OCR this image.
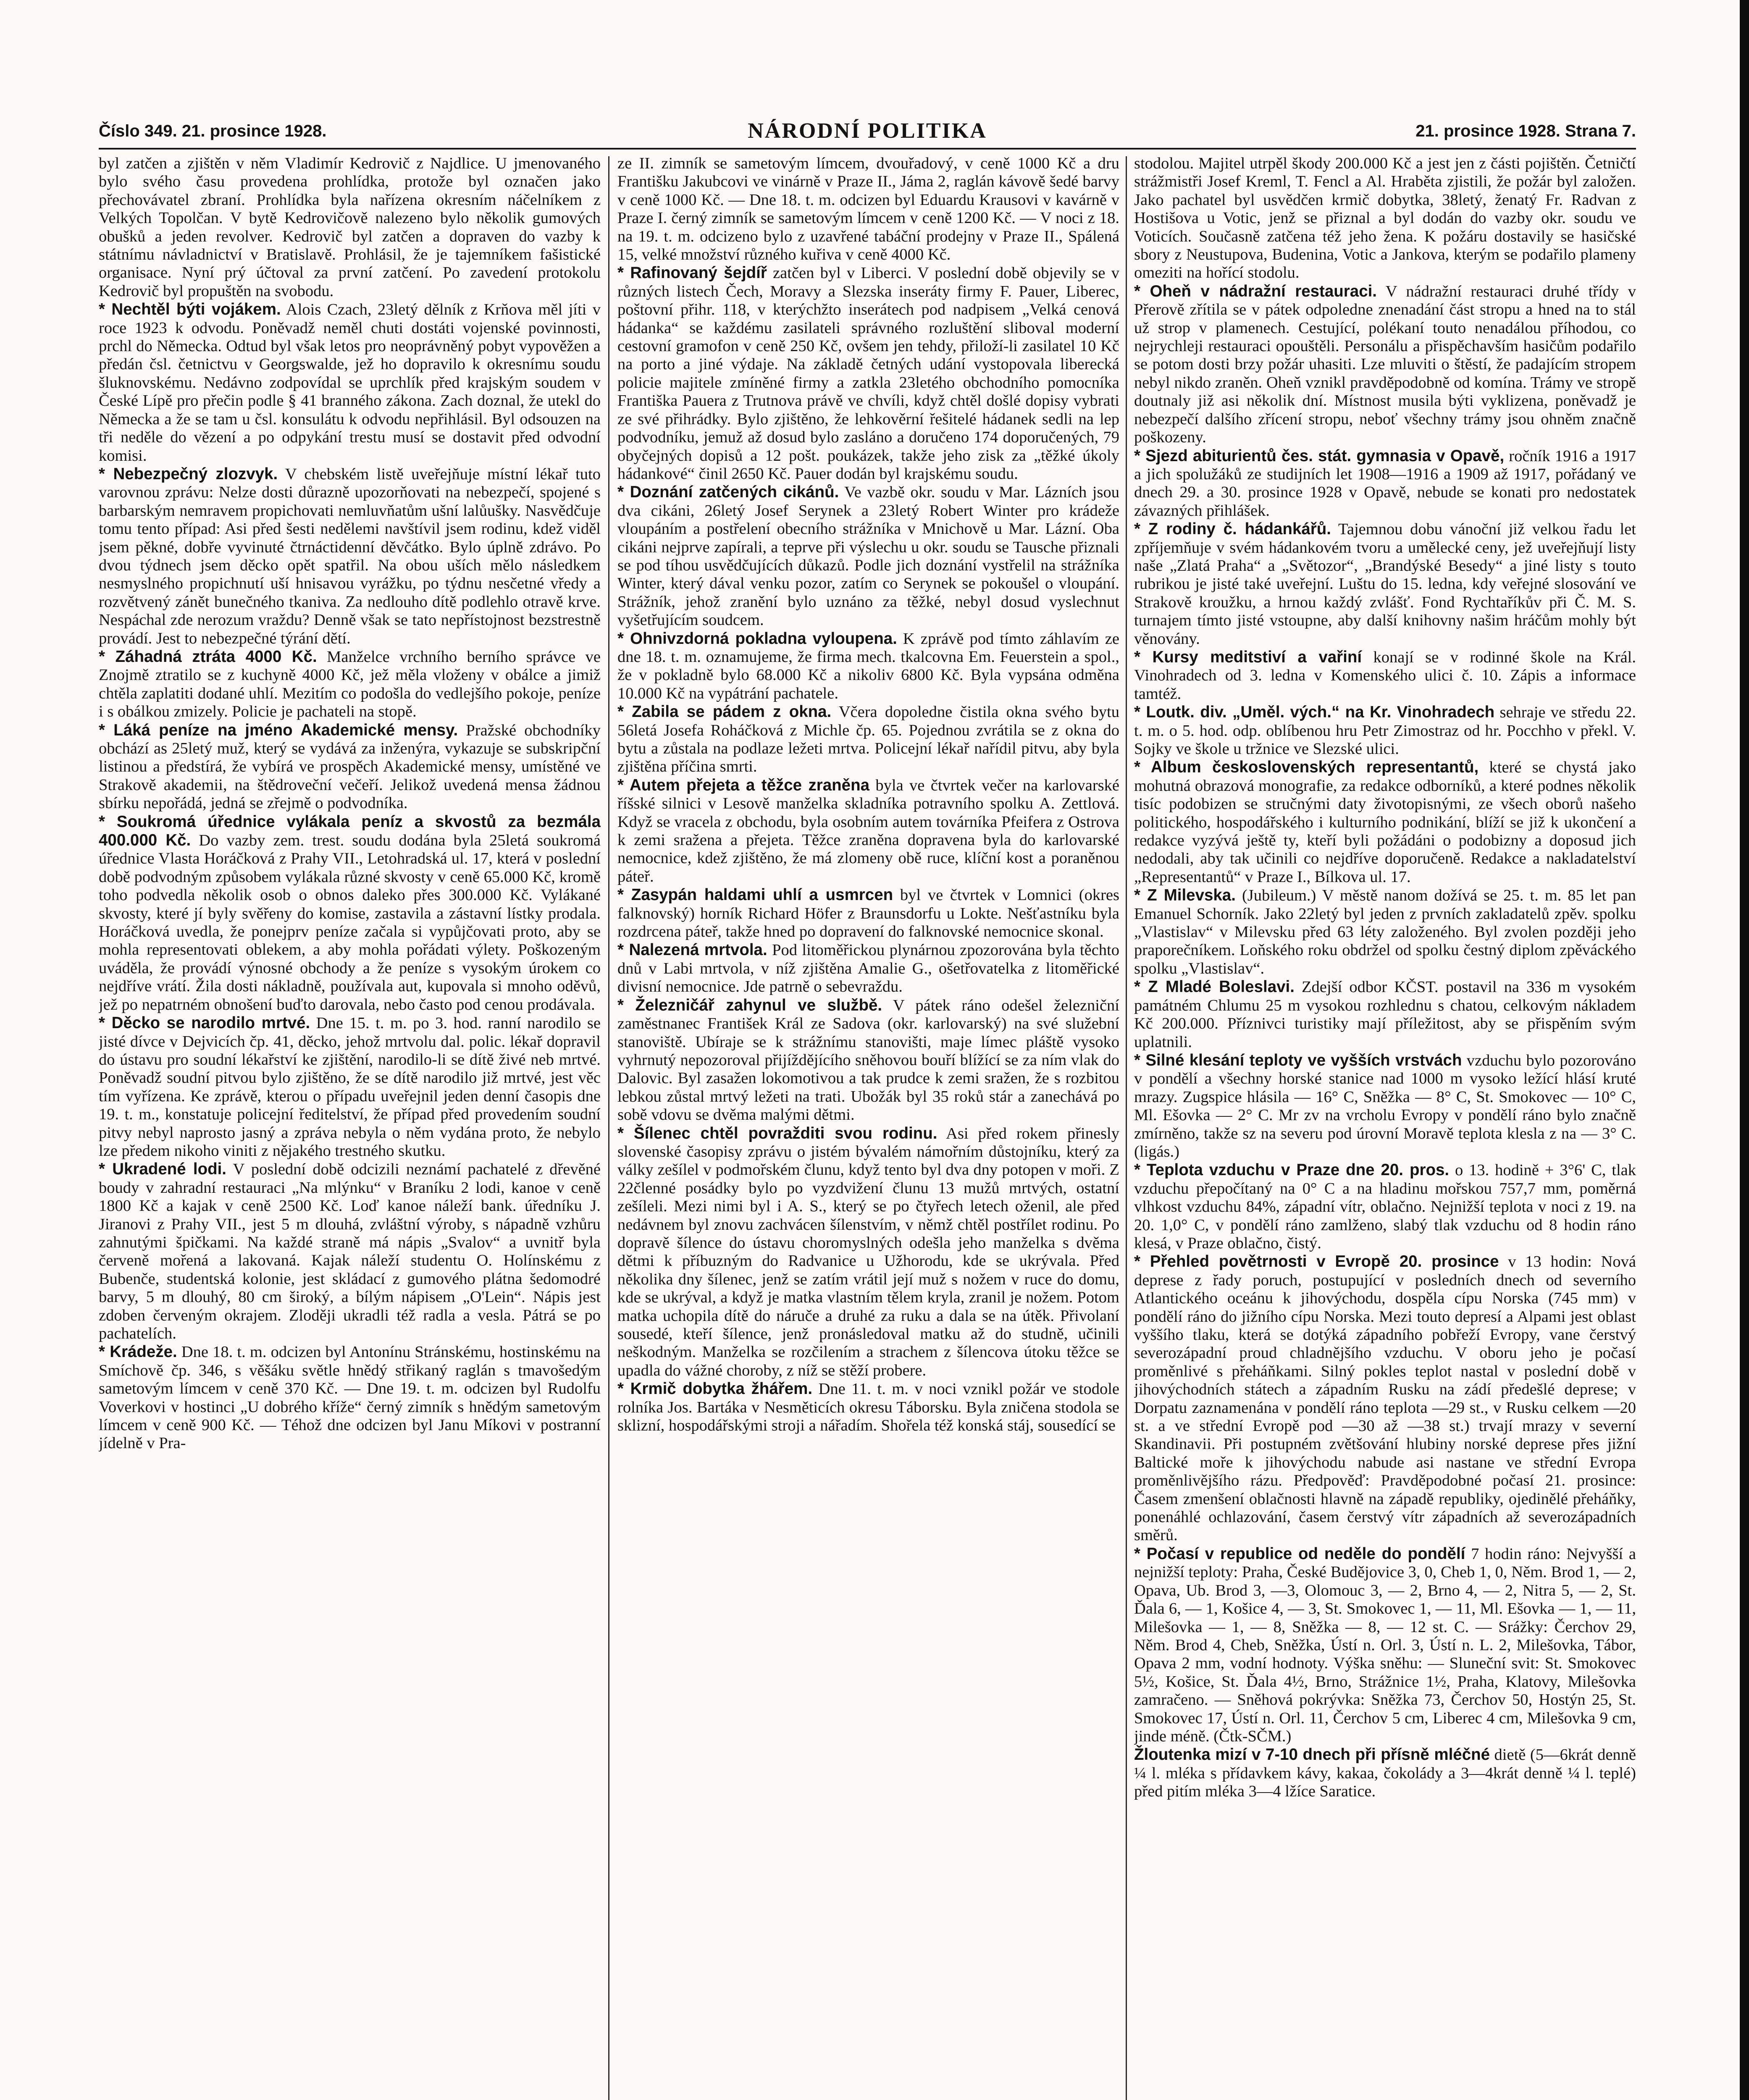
Číslo 349. 21. prosince 1928.	NÁRODNÍ POLITIKA	21. prosince 1928. Strana 7.

byl zatčen a zjištěn v něm Vladimír Kedrovič z Najdlice. U jmenovaného bylo svého času provedena prohlídka, protože byl označen jako přechovávatel zbraní. Prohlídka byla nařízena okresním náčelníkem z Velkých Topolčan. V bytě Kedrovičově nalezeno bylo několik gumových obušků a jeden revolver. Kedrovič byl zatčen a dopraven do vazby k státnímu návladnictví v Bratislavě. Prohlásil, že je tajemníkem fašistické organisace. Nyní prý účtoval za první zatčení. Po zavedení protokolu Kedrovič byl propuštěn na svobodu.

* Nechtěl býti vojákem. Alois Czach, 23letý dělník z Krňova měl jíti v roce 1923 k odvodu. Poněvadž neměl chuti dostáti vojenské povinnosti, prchl do Německa. Odtud byl však letos pro neoprávněný pobyt vypověžen a předán čsl. četnictvu v Georgswalde, jež ho dopravilo k okresnímu soudu šluknovskému. Nedávno zodpovídal se uprchlík před krajským soudem v České Lípě pro přečin podle § 41 branného zákona. Zach doznal, že utekl do Německa a že se tam u čsl. konsulátu k odvodu nepřihlásil. Byl odsouzen na tři neděle do vězení a po odpykání trestu musí se dostavit před odvodní komisi.

* Nebezpečný zlozvyk. V chebském listě uveřejňuje místní lékař tuto varovnou zprávu: Nelze dosti důrazně upozorňovati na nebezpečí, spojené s barbarským nemravem propichovati nemluvňatům ušní lalůušky. Nasvědčuje tomu tento případ: Asi před šesti nedělemi navštívil jsem rodinu, kdež viděl jsem pěkné, dobře vyvinuté čtrnáctidenní děvčátko. Bylo úplně zdrávo. Po dvou týdnech jsem děcko opět spatřil. Na obou uších mělo následkem nesmyslného propichnutí uší hnisavou vyrážku, po týdnu nesčetné vředy a rozvětvený zánět bunečného tkaniva. Za nedlouho dítě podlehlo otravě krve. Nespáchal zde nerozum vraždu? Denně však se tato nepřístojnost bezstrestně provádí. Jest to nebezpečné týrání dětí.

* Záhadná ztráta 4000 Kč. Manželce vrchního berního správce ve Znojmě ztratilo se z kuchyně 4000 Kč, jež měla vloženy v obálce a jimiž chtěla zaplatiti dodané uhlí. Mezitím co podošla do vedlejšího pokoje, peníze i s obálkou zmizely. Policie je pachateli na stopě.

* Láká peníze na jméno Akademické mensy. Pražské obchodníky obchází as 25letý muž, který se vydává za inženýra, vykazuje se subskripční listinou a předstírá, že vybírá ve prospěch Akademické mensy, umístěné ve Strakově akademii, na štědroveční večeří. Jelikož uvedená mensa žádnou sbírku nepořádá, jedná se zřejmě o podvodníka.

* Soukromá úřednice vylákala peníz a skvostů za bezmála 400.000 Kč. Do vazby zem. trest. soudu dodána byla 25letá soukromá úřednice Vlasta Horáčková z Prahy VII., Letohradská ul. 17, která v poslední době podvodným způsobem vylákala různé skvosty v ceně 65.000 Kč, kromě toho podvedla několik osob o obnos daleko přes 300.000 Kč. Vylákané skvosty, které jí byly svěřeny do komise, zastavila a zástavní lístky prodala. Horáčková uvedla, že ponejprv peníze začala si vypůjčovati proto, aby se mohla representovati oblekem, a aby mohla pořádati výlety. Poškozeným uváděla, že provádí výnosné obchody a že peníze s vysokým úrokem co nejdříve vrátí. Žila dosti nákladně, používala aut, kupovala si mnoho oděvů, jež po nepatrném obnošení buďto darovala, nebo často pod cenou prodávala.

* Děcko se narodilo mrtvé. Dne 15. t. m. po 3. hod. ranní narodilo se jisté dívce v Dejvicích čp. 41, děcko, jehož mrtvolu dal. polic. lékař dopravil do ústavu pro soudní lékařství ke zjištění, narodilo-li se dítě živé neb mrtvé. Poněvadž soudní pitvou bylo zjištěno, že se dítě narodilo již mrtvé, jest věc tím vyřízena. Ke zprávě, kterou o případu uveřejnil jeden denní časopis dne 19. t. m., konstatuje policejní ředitelství, že případ před provedením soudní pitvy nebyl naprosto jasný a zpráva nebyla o něm vydána proto, že nebylo lze předem nikoho viniti z nějakého trestného skutku.

* Ukradené lodi. V poslední době odcizili neznámí pachatelé z dřevěné boudy v zahradní restauraci „Na mlýnku“ v Braníku 2 lodi, kanoe v ceně 1800 Kč a kajak v ceně 2500 Kč. Loď kanoe náleží bank. úředníku J. Jiranovi z Prahy VII., jest 5 m dlouhá, zvláštní výroby, s nápadně vzhůru zahnutými špičkami. Na každé straně má nápis „Svalov“ a uvnitř byla červeně mořená a lakovaná. Kajak náleží studentu O. Holínskému z Bubenče, studentská kolonie, jest skládací z gumového plátna šedomodré barvy, 5 m dlouhý, 80 cm široký, a bílým nápisem „O'Lein“. Nápis jest zdoben červeným okrajem. Zloději ukradli též radla a vesla. Pátrá se po pachatelích.

* Krádeže. Dne 18. t. m. odcizen byl Antonínu Stránskému, hostinskému na Smíchově čp. 346, s věšáku světle hnědý střikaný raglán s tmavošedým sametovým límcem v ceně 370 Kč. — Dne 19. t. m. odcizen byl Rudolfu Voverkovi v hostinci „U dobrého kříže“ černý zimník s hnědým sametovým límcem v ceně 900 Kč. — Téhož dne odcizen byl Janu Míkovi v postranní jídelně v Pra-

ze II. zimník se sametovým límcem, dvouřadový, v ceně 1000 Kč a dru Františku Jakubcovi ve vinárně v Praze II., Jáma 2, raglán kávově šedé barvy v ceně 1000 Kč. — Dne 18. t. m. odcizen byl Eduardu Krausovi v kavárně v Praze I. černý zimník se sametovým límcem v ceně 1200 Kč. — V noci z 18. na 19. t. m. odcizeno bylo z uzavřené tabáční prodejny v Praze II., Spálená 15, velké množství různého kuřiva v ceně 4000 Kč.

* Rafinovaný šejdíř zatčen byl v Liberci. V poslední době objevily se v různých listech Čech, Moravy a Slezska inseráty firmy F. Pauer, Liberec, poštovní přihr. 118, v kterýchžto inserátech pod nadpisem „Velká cenová hádanka“ se každému zasilateli správného rozluštění sliboval moderní cestovní gramofon v ceně 250 Kč, ovšem jen tehdy, přiloží-li zasilatel 10 Kč na porto a jiné výdaje. Na základě četných udání vystopovala liberecká policie majitele zmíněné firmy a zatkla 23letého obchodního pomocníka Františka Pauera z Trutnova právě ve chvíli, když chtěl došlé dopisy vybrati ze své přihrádky. Bylo zjištěno, že lehkověrní řešitelé hádanek sedli na lep podvodníku, jemuž až dosud bylo zasláno a doručeno 174 doporučených, 79 obyčejných dopisů a 12 pošt. poukázek, takže jeho zisk za „těžké úkoly hádankové“ činil 2650 Kč. Pauer dodán byl krajskému soudu.

* Doznání zatčených cikánů. Ve vazbě okr. soudu v Mar. Lázních jsou dva cikáni, 26letý Josef Serynek a 23letý Robert Winter pro krádeže vloupáním a postřelení obecního strážníka v Mnichově u Mar. Lázní. Oba cikáni nejprve zapírali, a teprve při výslechu u okr. soudu se Tausche přiznali se pod tíhou usvědčujících důkazů. Podle jich doznání vystřelil na strážníka Winter, který dával venku pozor, zatím co Serynek se pokoušel o vloupání. Strážník, jehož zranění bylo uznáno za těžké, nebyl dosud vyslechnut vyšetřujícím soudcem.

* Ohnivzdorná pokladna vyloupena. K zprávě pod tímto záhlavím ze dne 18. t. m. oznamujeme, že firma mech. tkalcovna Em. Feuerstein a spol., že v pokladně bylo 68.000 Kč a nikoliv 6800 Kč. Byla vypsána odměna 10.000 Kč na vypátrání pachatele.

* Zabila se pádem z okna. Včera dopoledne čistila okna svého bytu 56letá Josefa Roháčková z Michle čp. 65. Pojednou zvrátila se z okna do bytu a zůstala na podlaze ležeti mrtva. Policejní lékař nařídil pitvu, aby byla zjištěna příčina smrti.

* Autem přejeta a těžce zraněna byla ve čtvrtek večer na karlovarské říšské silnici v Lesově manželka skladníka potravního spolku A. Zettlová. Když se vracela z obchodu, byla osobním autem továrníka Pfeifera z Ostrova k zemi sražena a přejeta. Těžce zraněna dopravena byla do karlovarské nemocnice, kdež zjištěno, že má zlomeny obě ruce, klíční kost a poraněnou páteř.

* Zasypán haldami uhlí a usmrcen byl ve čtvrtek v Lomnici (okres falknovský) horník Richard Höfer z Braunsdorfu u Lokte. Nešťastníku byla rozdrcena páteř, takže hned po dopravení do falknovské nemocnice skonal.

* Nalezená mrtvola. Pod litoměřickou plynárnou zpozorována byla těchto dnů v Labi mrtvola, v níž zjištěna Amalie G., ošetřovatelka z litoměřické divisní nemocnice. Jde patrně o sebevraždu.

* Železničář zahynul ve službě. V pátek ráno odešel železniční zaměstnanec František Král ze Sadova (okr. karlovarský) na své služební stanoviště. Ubíraje se k strážnímu stanovišti, maje límec pláště vysoko vyhrnutý nepozoroval přijíždějícího sněhovou bouří blížící se za ním vlak do Dalovic. Byl zasažen lokomotivou a tak prudce k zemi sražen, že s rozbitou lebkou zůstal mrtvý ležeti na trati. Ubožák byl 35 roků stár a zanechává po sobě vdovu se dvěma malými dětmi.

* Šílenec chtěl povražditi svou rodinu. Asi před rokem přinesly slovenské časopisy zprávu o jistém bývalém námořním důstojníku, který za války zešílel v podmořském člunu, když tento byl dva dny potopen v moři. Z 22členné posádky bylo po vyzdvižení člunu 13 mužů mrtvých, ostatní zešíleli. Mezi nimi byl i A. S., který se po čtyřech letech oženil, ale před nedávnem byl znovu zachvácen šílenstvím, v němž chtěl postřílet rodinu. Po dopravě šílence do ústavu choromyslných odešla jeho manželka s dvěma dětmi k příbuzným do Radvanice u Užhorodu, kde se ukrývala. Před několika dny šílenec, jenž se zatím vrátil její muž s nožem v ruce do domu, kde se ukrýval, a když je matka vlastním tělem kryla, zranil je nožem. Potom matka uchopila dítě do náruče a druhé za ruku a dala se na útěk. Přivolaní sousedé, kteří šílence, jenž pronásledoval matku až do studně, učinili neškodným. Manželka se rozčilením a strachem z šílencova útoku těžce se upadla do vážné choroby, z níž se stěží probere.

* Krmič dobytka žhářem. Dne 11. t. m. v noci vznikl požár ve stodole rolníka Jos. Bartáka v Nesměticích okresu Táborsku. Byla zničena stodola se sklizní, hospodářskými stroji a nářadím. Shořela též konská stáj, sousedící se

stodolou. Majitel utrpěl škody 200.000 Kč a jest jen z části pojištěn. Četničtí strážmistři Josef Kreml, T. Fencl a Al. Hraběta zjistili, že požár byl založen. Jako pachatel byl usvědčen krmič dobytka, 38letý, ženatý Fr. Radvan z Hostišova u Votic, jenž se přiznal a byl dodán do vazby okr. soudu ve Voticích. Současně zatčena též jeho žena. K požáru dostavily se hasičské sbory z Neustupova, Budenina, Votic a Jankova, kterým se podařilo plameny omeziti na hořící stodolu.

* Oheň v nádražní restauraci. V nádražní restauraci druhé třídy v Přerově zřítila se v pátek odpoledne znenadání část stropu a hned na to stál už strop v plamenech. Cestující, polékaní touto nenadálou příhodou, co nejrychleji restauraci opouštěli. Personálu a přispěchavším hasičům podařilo se potom dosti brzy požár uhasiti. Lze mluviti o štěstí, že padajícím stropem nebyl nikdo zraněn. Oheň vznikl pravděpodobně od komína. Trámy ve stropě doutnaly již asi několik dní. Místnost musila býti vyklizena, poněvadž je nebezpečí dalšího zřícení stropu, neboť všechny trámy jsou ohněm značně poškozeny.

* Sjezd abiturientů čes. stát. gymnasia v Opavě, ročník 1916 a 1917 a jich spolužáků ze studijních let 1908—1916 a 1909 až 1917, pořádaný ve dnech 29. a 30. prosince 1928 v Opavě, nebude se konati pro nedostatek závazných přihlášek.

* Z rodiny č. hádankářů. Tajemnou dobu vánoční již velkou řadu let zpříjemňuje v svém hádankovém tvoru a umělecké ceny, jež uveřejňují listy naše „Zlatá Praha“ a „Světozor“, „Brandýské Besedy“ a jiné listy s touto rubrikou je jisté také uveřejní. Luštu do 15. ledna, kdy veřejné slosování ve Strakově kroužku, a hrnou každý zvlášť. Fond Rychtaříkův při Č. M. S. turnajem tímto jisté vstoupne, aby další knihovny našim hráčům mohly být věnovány.

* Kursy meditstiví a vařiní konají se v rodinné škole na Král. Vinohradech od 3. ledna v Komenského ulici č. 10. Zápis a informace tamtéž.

* Loutk. div. „Uměl. vých.“ na Kr. Vinohradech sehraje ve středu 22. t. m. o 5. hod. odp. oblíbenou hru Petr Zimostraz od hr. Pocchho v překl. V. Sojky ve škole u tržnice ve Slezské ulici.

* Album československých representantů, které se chystá jako mohutná obrazová monografie, za redakce odborníků, a které podnes několik tisíc podobizen se stručnými daty životopisnými, ze všech oborů našeho politického, hospodářského i kulturního podnikání, blíží se již k ukončení a redakce vyzývá ještě ty, kteří byli požádáni o podobizny a doposud jich nedodali, aby tak učinili co nejdříve doporučeně. Redakce a nakladatelství „Representantů“ v Praze I., Bílkova ul. 17.

* Z Milevska. (Jubileum.) V městě nanom dožívá se 25. t. m. 85 let pan Emanuel Schorník. Jako 22letý byl jeden z prvních zakladatelů zpěv. spolku „Vlastislav“ v Milevsku před 63 léty založeného. Byl zvolen později jeho praporečníkem. Loňského roku obdržel od spolku čestný diplom zpěváckého spolku „Vlastislav“.

* Z Mladé Boleslavi. Zdejší odbor KČST. postavil na 336 m vysokém památném Chlumu 25 m vysokou rozhlednu s chatou, celkovým nákladem Kč 200.000. Příznivci turistiky mají příležitost, aby se přispěním svým uplatnili.

* Silné klesání teploty ve vyšších vrstvách vzduchu bylo pozorováno v pondělí a všechny horské stanice nad 1000 m vysoko ležící hlásí kruté mrazy. Zugspice hlásila — 16° C, Sněžka — 8° C, St. Smokovec — 10° C, Ml. Ešovka — 2° C. Mr zv na vrcholu Evropy v pondělí ráno bylo značně zmírněno, takže sz na severu pod úrovní Moravě teplota klesla z na — 3° C. (ligás.)

* Teplota vzduchu v Praze dne 20. pros. o 13. hodině + 3°6' C, tlak vzduchu přepočítaný na 0° C a na hladinu mořskou 757,7 mm, poměrná vlhkost vzduchu 84%, západní vítr, oblačno. Nejnižší teplota v noci z 19. na 20. 1,0° C, v pondělí ráno zamlženo, slabý tlak vzduchu od 8 hodin ráno klesá, v Praze oblačno, čistý.

* Přehled povětrnosti v Evropě 20. prosince v 13 hodin: Nová deprese z řady poruch, postupující v posledních dnech od severního Atlantického oceánu k jihovýchodu, dospěla cípu Norska (745 mm) v pondělí ráno do jižního cípu Norska. Mezi touto depresí a Alpami jest oblast vyššího tlaku, která se dotýká západního pobřeží Evropy, vane čerstvý severozápadní proud chladnějšího vzduchu. V oboru jeho je počasí proměnlivé s přeháňkami. Silný pokles teplot nastal v poslední době v jihovýchodních státech a západním Rusku na zádí předešlé deprese; v Dorpatu zaznamenána v pondělí ráno teplota —29 st., v Rusku celkem —20 st. a ve střední Evropě pod —30 až —38 st.) trvají mrazy v severní Skandinavii. Při postupném zvětšování hlubiny norské deprese přes jižní Baltické moře k jihovýchodu nabude asi nastane ve střední Evropa proměnlivějšího rázu. Předpověď: Pravděpodobné počasí 21. prosince: Časem zmenšení oblačnosti hlavně na západě republiky, ojedinělé přeháňky, ponenáhlé ochlazování, časem čerstvý vítr západních až severozápadních směrů.

* Počasí v republice od neděle do pondělí 7 hodin ráno: Nejvyšší a nejnižší teploty: Praha, České Budějovice 3, 0, Cheb 1, 0, Něm. Brod 1, — 2, Opava, Ub. Brod 3, —3, Olomouc 3, — 2, Brno 4, — 2, Nitra 5, — 2, St. Ďala 6, — 1, Košice 4, — 3, St. Smokovec 1, — 11, Ml. Ešovka — 1, — 11, Milešovka — 1, — 8, Sněžka — 8, — 12 st. C. — Srážky: Čerchov 29, Něm. Brod 4, Cheb, Sněžka, Ústí n. Orl. 3, Ústí n. L. 2, Milešovka, Tábor, Opava 2 mm, vodní hodnoty. Výška sněhu: — Sluneční svit: St. Smokovec 5½, Košice, St. Ďala 4½, Brno, Strážnice 1½, Praha, Klatovy, Milešovka zamračeno. — Sněhová pokrývka: Sněžka 73, Čerchov 50, Hostýn 25, St. Smokovec 17, Ústí n. Orl. 11, Čerchov 5 cm, Liberec 4 cm, Milešovka 9 cm, jinde méně. (Čtk-SČM.)

Žloutenka mizí v 7-10 dnech při přísně mléčné dietě (5—6krát denně ¼ l. mléka s přídavkem kávy, kakaa, čokolády a 3—4krát denně ¼ l. teplé) před pitím mléka 3—4 lžíce Saratice.
